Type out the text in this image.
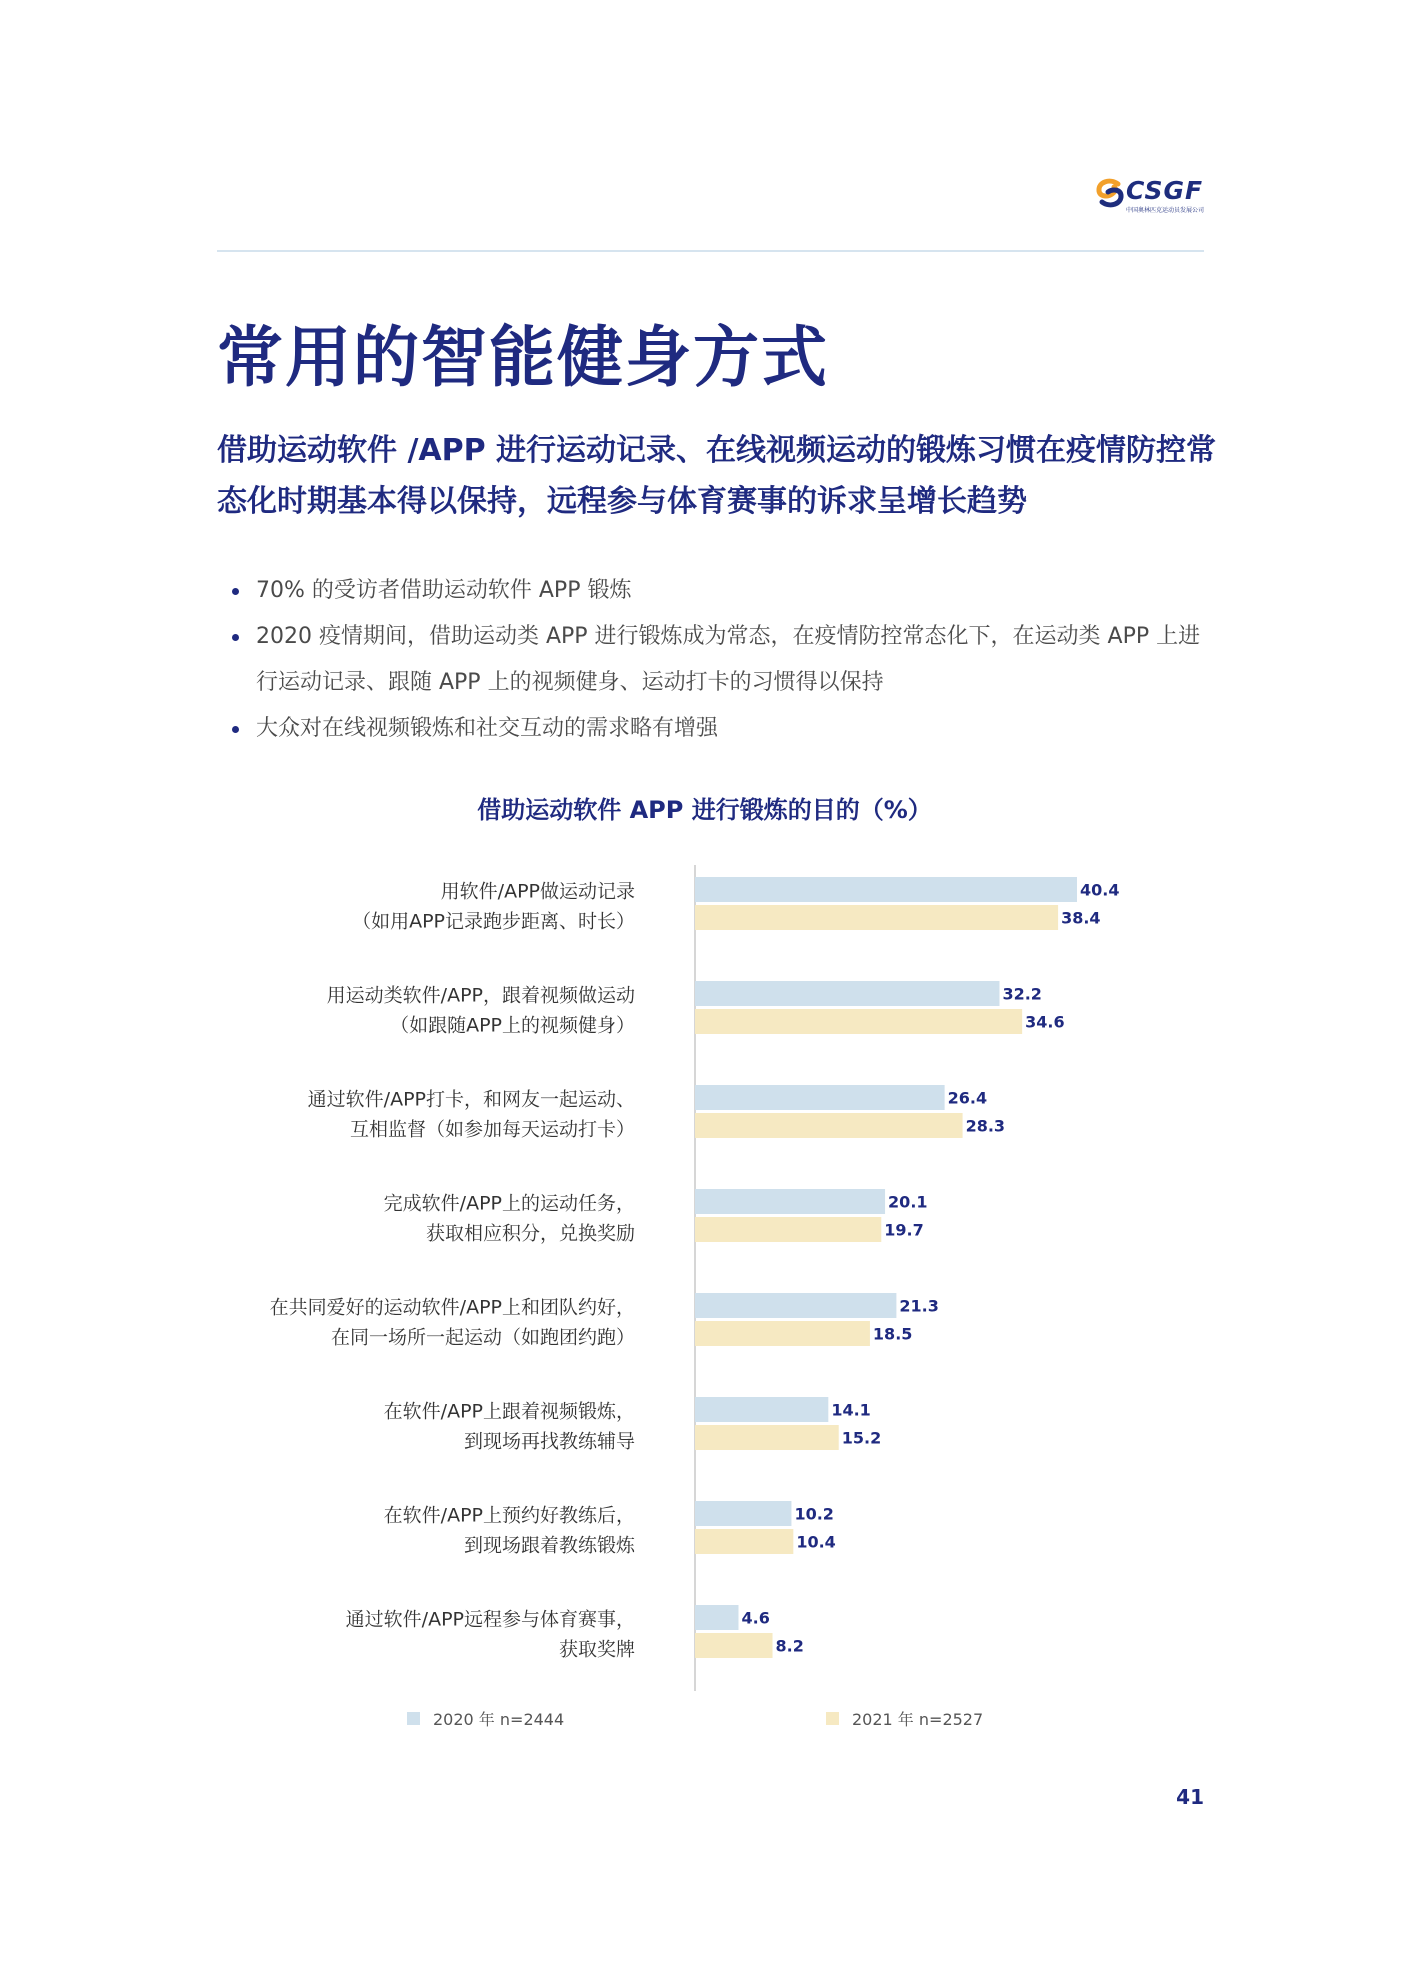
CSGF
中国奥林匹克运动员发展公司
常用的智能健身方式

借助运动软件 /APP 进行运动记录、在线视频运动的锻炼习惯在疫情防控常态化时期基本得以保持，远程参与体育赛事的诉求呈增长趋势

70% 的受访者借助运动软件 APP 锻炼
2020 疫情期间，借助运动类 APP 进行锻炼成为常态，在疫情防控常态化下，在运动类 APP 上进行运动记录、跟随 APP 上的视频健身、运动打卡的习惯得以保持
大众对在线视频锻炼和社交互动的需求略有增强
借助运动软件 APP 进行锻炼的目的（%）
用软件/APP做运动记录
（如用APP记录跑步距离、时长）
40.4
38.4
用运动类软件/APP，跟着视频做运动
（如跟随APP上的视频健身）
32.2
34.6
通过软件/APP打卡，和网友一起运动、
互相监督（如参加每天运动打卡）
26.4
28.3
完成软件/APP上的运动任务，
获取相应积分，兑换奖励
20.1
19.7
在共同爱好的运动软件/APP上和团队约好，
在同一场所一起运动（如跑团约跑）
21.3
18.5
在软件/APP上跟着视频锻炼，
到现场再找教练辅导
14.1
15.2
在软件/APP上预约好教练后，
到现场跟着教练锻炼
10.2
10.4
通过软件/APP远程参与体育赛事，
获取奖牌
4.6
8.2
2020 年 n=2444	2021 年 n=2527
41
